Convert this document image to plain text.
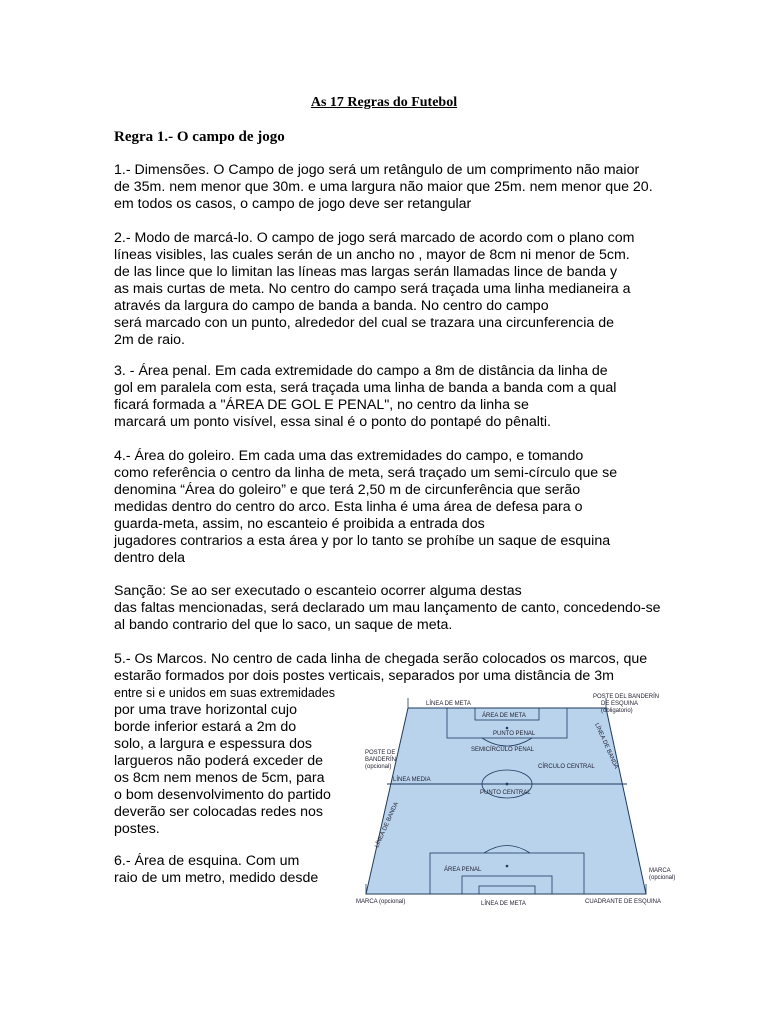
As 17 Regras do Futebol
Regra 1.- O campo de jogo
1.- Dimensões. O Campo de jogo será um retângulo de um comprimento não maior
de 35m. nem menor que 30m. e uma largura não maior que 25m. nem menor que 20.
em todos os casos, o campo de jogo deve ser retangular
2.- Modo de marcá-lo. O campo de jogo será marcado de acordo com o plano com
líneas visibles, las cuales serán de un ancho no , mayor de 8cm ni menor de 5cm.
de las lince que lo limitan las líneas mas largas serán llamadas lince de banda y
as mais curtas de meta. No centro do campo será traçada uma linha medianeira a
através da largura do campo de banda a banda. No centro do campo
será marcado con un punto, alrededor del cual se trazara una circunferencia de
2m de raio.
3. - Área penal. Em cada extremidade do campo a 8m de distância da linha de
gol em paralela com esta, será traçada uma linha de banda a banda com a qual
ficará formada a "ÁREA DE GOL E PENAL", no centro da linha se
marcará um ponto visível, essa sinal é o ponto do pontapé do pênalti.
4.- Área do goleiro. Em cada uma das extremidades do campo, e tomando
como referência o centro da linha de meta, será traçado um semi-círculo que se
denomina “Área do goleiro” e que terá 2,50 m de circunferência que serão
medidas dentro do centro do arco. Esta linha é uma área de defesa para o
guarda-meta, assim, no escanteio é proibida a entrada dos
jugadores contrarios a esta área y por lo tanto se prohíbe un saque de esquina
dentro dela
Sanção: Se ao ser executado o escanteio ocorrer alguma destas
das faltas mencionadas, será declarado um mau lançamento de canto, concedendo-se
al bando contrario del que lo saco, un saque de meta.
5.- Os Marcos. No centro de cada linha de chegada serão colocados os marcos, que
estarão formados por dois postes verticais, separados por uma distância de 3m
entre si e unidos em suas extremidades
por uma trave horizontal cujo
borde inferior estará a 2m do
solo, a largura e espessura dos
largueros não poderá exceder de
os 8cm nem menos de 5cm, para
o bom desenvolvimento do partido
deverão ser colocadas redes nos
postes.
6.- Área de esquina. Com um
raio de um metro, medido desde
LÍNEA DE META
ÁREA DE META
PUNTO PENAL
SEMICÍRCULO PENAL
CÍRCULO CENTRAL
LÍNEA MEDIA
PUNTO CENTRAL
ÁREA PENAL
POSTE DEL BANDERÍN
DE ESQUINA
(obligatorio)
POSTE DE
BANDERÍN
(opcional)
MARCA
(opcional)
MARCA (opcional)	LÍNEA DE META	CUADRANTE DE ESQUINA
LÍNEA DE BANDA
LÍNEA DE BANDA
